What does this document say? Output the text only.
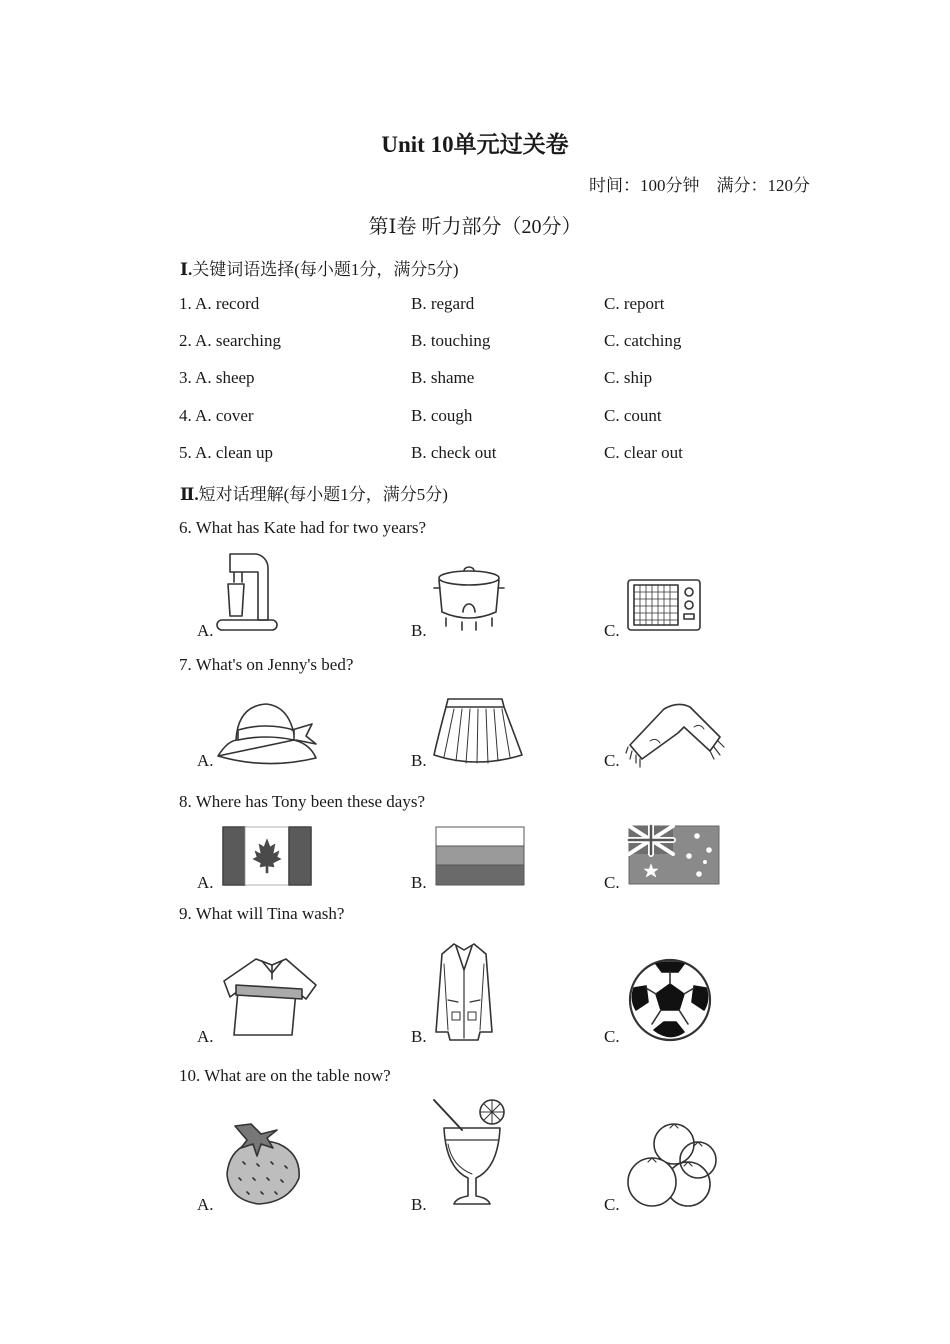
Unit 10单元过关卷
时间：100分钟　满分：120分
第Ⅰ卷 听力部分（20分）
Ⅰ.关键词语选择(每小题1分，满分5分)
1. A. record	B. regard	C. report
2. A. searching	B. touching	C. catching
3. A. sheep	B. shame	C. ship
4. A. cover	B. cough	C. count
5. A. clean up	B. check out	C. clear out
Ⅱ.短对话理解(每小题1分，满分5分)
6. What has Kate had for two years?
A.	B.	C.
7. What's on Jenny's bed?
A.	B.	C.
8. Where has Tony been these days?
A.	B.	C.
9. What will Tina wash?
A.	B.	C.
10. What are on the table now?
A.	B.	C.
